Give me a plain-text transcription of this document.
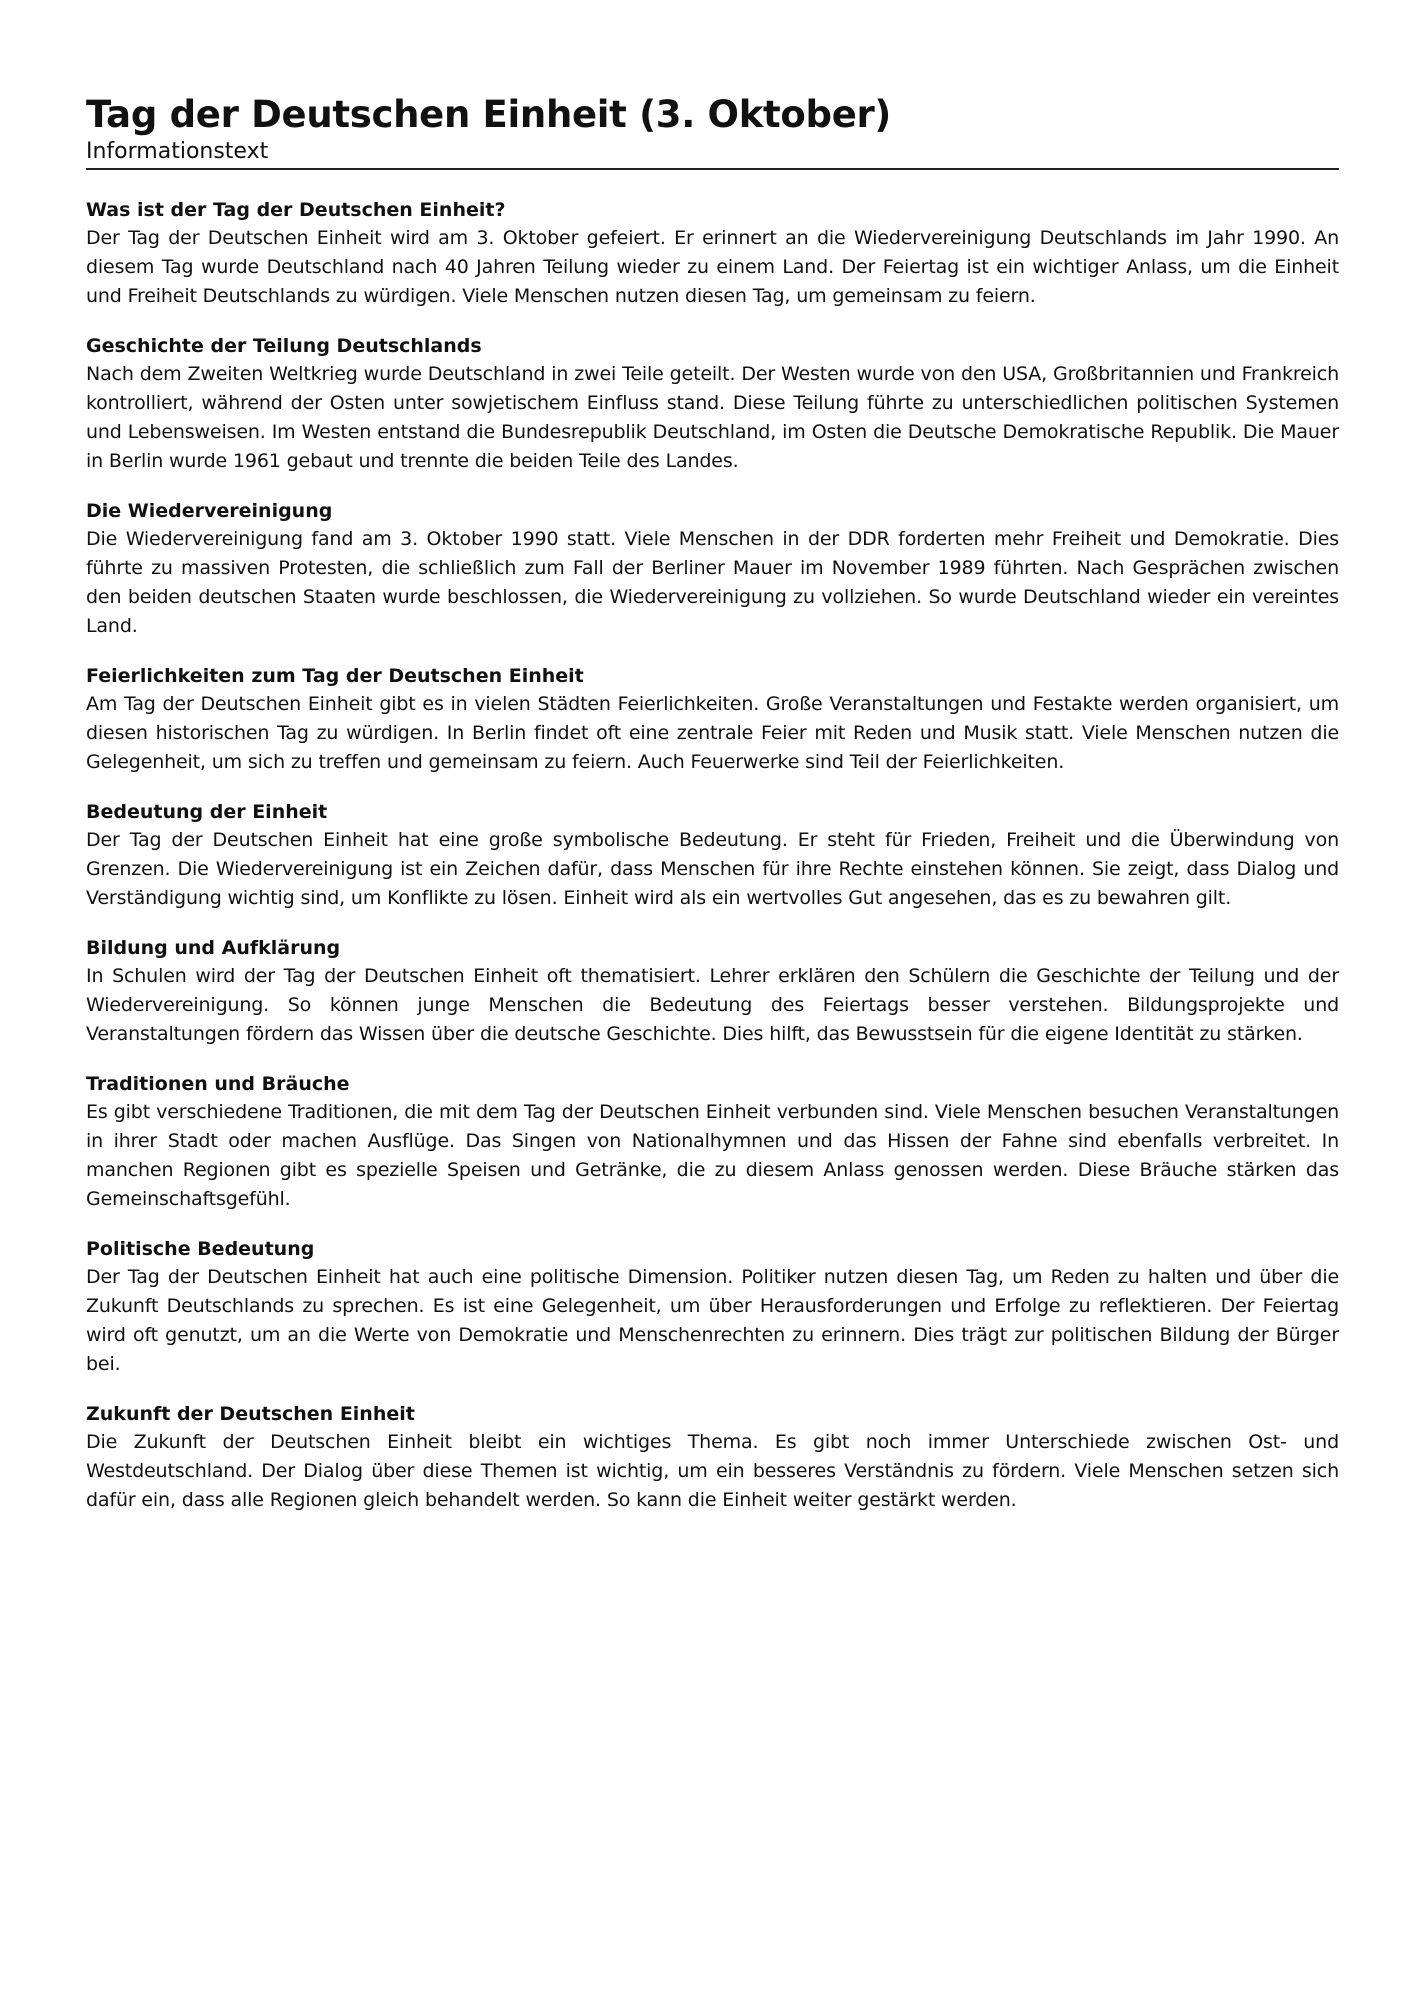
Tag der Deutschen Einheit (3. Oktober)
Informationstext
Was ist der Tag der Deutschen Einheit?

Der Tag der Deutschen Einheit wird am 3. Oktober gefeiert. Er erinnert an die Wiedervereinigung Deutschlands im Jahr 1990. An diesem Tag wurde Deutschland nach 40 Jahren Teilung wieder zu einem Land. Der Feiertag ist ein wichtiger Anlass, um die Einheit und Freiheit Deutschlands zu würdigen. Viele Menschen nutzen diesen Tag, um gemeinsam zu feiern.

Geschichte der Teilung Deutschlands

Nach dem Zweiten Weltkrieg wurde Deutschland in zwei Teile geteilt. Der Westen wurde von den USA, Großbritannien und Frankreich kontrolliert, während der Osten unter sowjetischem Einfluss stand. Diese Teilung führte zu unterschiedlichen politischen Systemen und Lebensweisen. Im Westen entstand die Bundesrepublik Deutschland, im Osten die Deutsche Demokratische Republik. Die Mauer in Berlin wurde 1961 gebaut und trennte die beiden Teile des Landes.

Die Wiedervereinigung

Die Wiedervereinigung fand am 3. Oktober 1990 statt. Viele Menschen in der DDR forderten mehr Freiheit und Demokratie. Dies führte zu massiven Protesten, die schließlich zum Fall der Berliner Mauer im November 1989 führten. Nach Gesprächen zwischen den beiden deutschen Staaten wurde beschlossen, die Wiedervereinigung zu vollziehen. So wurde Deutschland wieder ein vereintes Land.

Feierlichkeiten zum Tag der Deutschen Einheit

Am Tag der Deutschen Einheit gibt es in vielen Städten Feierlichkeiten. Große Veranstaltungen und Festakte werden organisiert, um diesen historischen Tag zu würdigen. In Berlin findet oft eine zentrale Feier mit Reden und Musik statt. Viele Menschen nutzen die Gelegenheit, um sich zu treffen und gemeinsam zu feiern. Auch Feuerwerke sind Teil der Feierlichkeiten.

Bedeutung der Einheit

Der Tag der Deutschen Einheit hat eine große symbolische Bedeutung. Er steht für Frieden, Freiheit und die Überwindung von Grenzen. Die Wiedervereinigung ist ein Zeichen dafür, dass Menschen für ihre Rechte einstehen können. Sie zeigt, dass Dialog und Verständigung wichtig sind, um Konflikte zu lösen. Einheit wird als ein wertvolles Gut angesehen, das es zu bewahren gilt.

Bildung und Aufklärung

In Schulen wird der Tag der Deutschen Einheit oft thematisiert. Lehrer erklären den Schülern die Geschichte der Teilung und der Wiedervereinigung. So können junge Menschen die Bedeutung des Feiertags besser verstehen. Bildungsprojekte und Veranstaltungen fördern das Wissen über die deutsche Geschichte. Dies hilft, das Bewusstsein für die eigene Identität zu stärken.

Traditionen und Bräuche

Es gibt verschiedene Traditionen, die mit dem Tag der Deutschen Einheit verbunden sind. Viele Menschen besuchen Veranstaltungen in ihrer Stadt oder machen Ausflüge. Das Singen von Nationalhymnen und das Hissen der Fahne sind ebenfalls verbreitet. In manchen Regionen gibt es spezielle Speisen und Getränke, die zu diesem Anlass genossen werden. Diese Bräuche stärken das Gemeinschaftsgefühl.

Politische Bedeutung

Der Tag der Deutschen Einheit hat auch eine politische Dimension. Politiker nutzen diesen Tag, um Reden zu halten und über die Zukunft Deutschlands zu sprechen. Es ist eine Gelegenheit, um über Herausforderungen und Erfolge zu reflektieren. Der Feiertag wird oft genutzt, um an die Werte von Demokratie und Menschenrechten zu erinnern. Dies trägt zur politischen Bildung der Bürger bei.

Zukunft der Deutschen Einheit

Die Zukunft der Deutschen Einheit bleibt ein wichtiges Thema. Es gibt noch immer Unterschiede zwischen Ost- und Westdeutschland. Der Dialog über diese Themen ist wichtig, um ein besseres Verständnis zu fördern. Viele Menschen setzen sich dafür ein, dass alle Regionen gleich behandelt werden. So kann die Einheit weiter gestärkt werden.
